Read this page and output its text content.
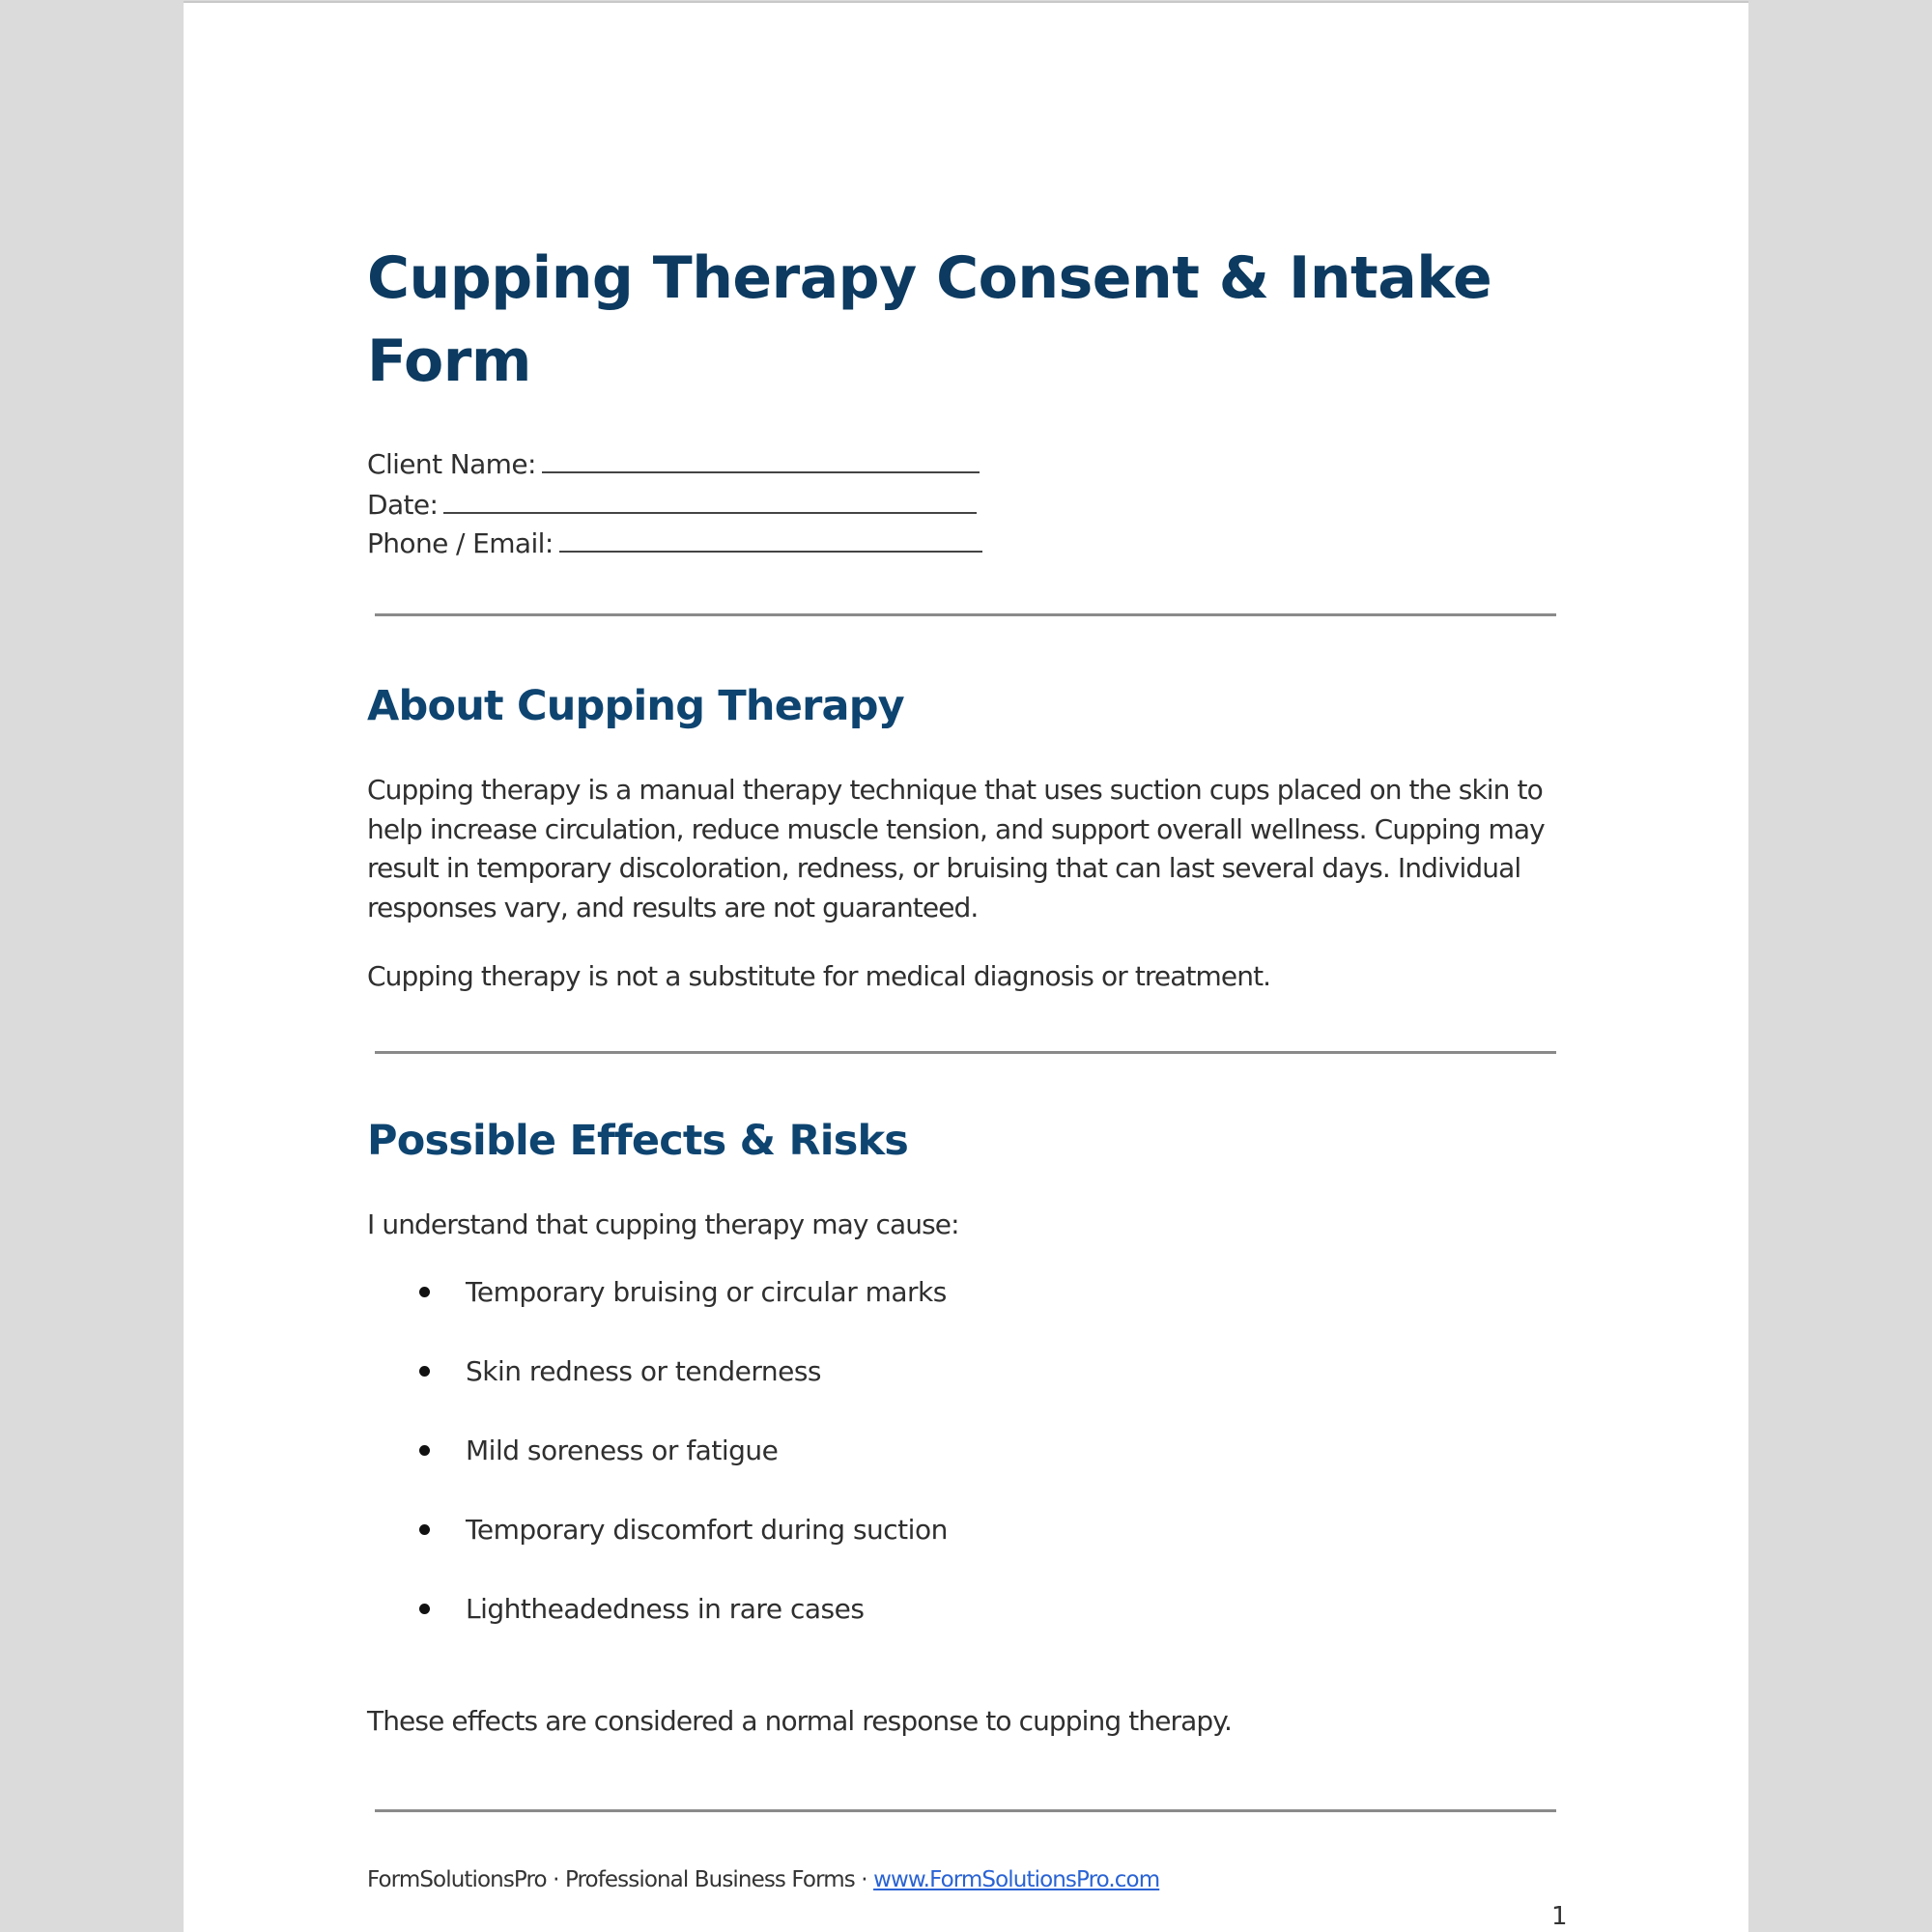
Cupping Therapy Consent & Intake Form
Client Name:
Date:
Phone / Email:
About Cupping Therapy
Cupping therapy is a manual therapy technique that uses suction cups placed on the skin to help increase circulation, reduce muscle tension, and support overall wellness. Cupping may result in temporary discoloration, redness, or bruising that can last several days. Individual responses vary, and results are not guaranteed.
Cupping therapy is not a substitute for medical diagnosis or treatment.
Possible Effects & Risks
I understand that cupping therapy may cause:
Temporary bruising or circular marks
Skin redness or tenderness
Mild soreness or fatigue
Temporary discomfort during suction
Lightheadedness in rare cases
These effects are considered a normal response to cupping therapy.
FormSolutionsPro · Professional Business Forms · www.FormSolutionsPro.com
1
